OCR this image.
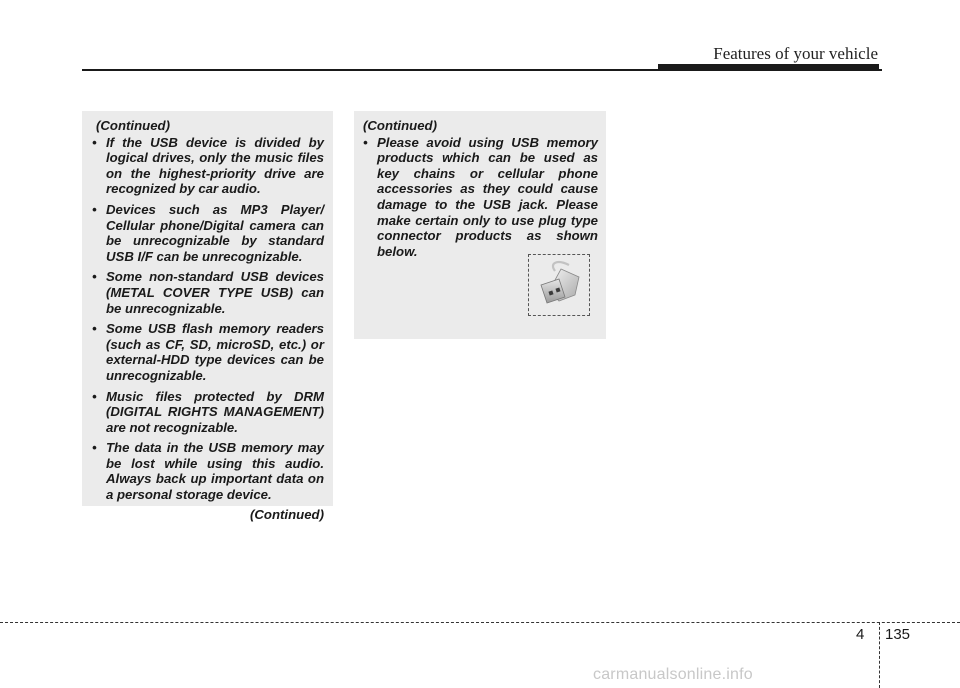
Features of your vehicle
(Continued)
• If the USB device is divided by logical drives, only the music files on the highest-priority drive are recognized by car audio.
• Devices such as MP3 Player/ Cellular phone/Digital camera can be unrecognizable by standard USB I/F can be unrecognizable.
• Some non-standard USB devices (METAL COVER TYPE USB) can be unrecognizable.
• Some USB flash memory readers (such as CF, SD, microSD, etc.) or external-HDD type devices can be unrecognizable.
• Music files protected by DRM (DIGITAL RIGHTS MANAGEMENT) are not recognizable.
• The data in the USB memory may be lost while using this audio. Always back up important data on a personal storage device.
(Continued)
(Continued)
• Please avoid using USB memory products which can be used as key chains or cellular phone accessories as they could cause damage to the USB jack. Please make certain only to use plug type connector products as shown below.
4 135
carmanualsonline.info
